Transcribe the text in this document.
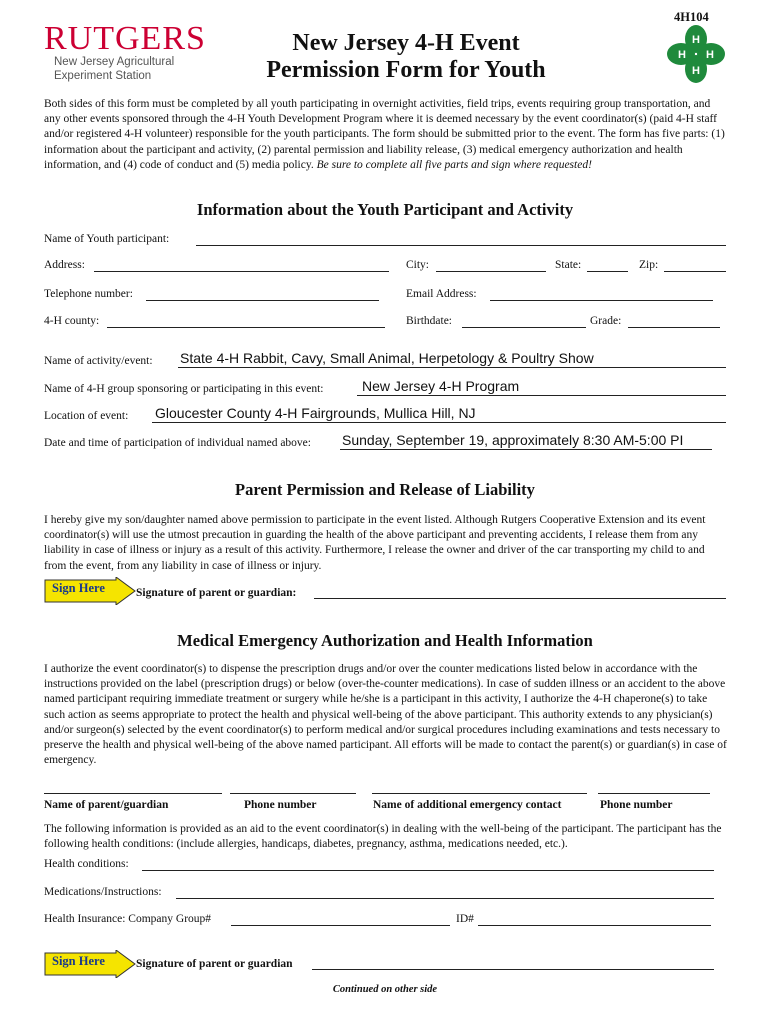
RUTGERS
New Jersey Agricultural
Experiment Station
4H104
H
H
H H
New Jersey 4-H Event
Permission Form for Youth
Both sides of this form must be completed by all youth participating in overnight activities, field trips, events requiring group transportation, and any other events sponsored through the 4-H Youth Development Program where it is deemed necessary by the event coordinator(s) (paid 4-H staff and/or registered 4-H volunteer) responsible for the youth participants. The form should be submitted prior to the event. The form has five parts: (1) information about the participant and activity, (2) parental permission and liability release, (3) medical emergency authorization and health information, and (4) code of conduct and (5) media policy. Be sure to complete all five parts and sign where requested!
Information about the Youth Participant and Activity
Name of Youth participant:
Address:	City:	State:	Zip:
Telephone number:	Email Address:
4-H county:	Birthdate:	Grade:
Name of activity/event: State 4-H Rabbit, Cavy, Small Animal, Herpetology & Poultry Show
Name of 4-H group sponsoring or participating in this event:	New Jersey 4-H Program
Location of event: Gloucester County 4-H Fairgrounds, Mullica Hill, NJ
Date and time of participation of individual named above: Sunday, September 19, approximately 8:30 AM-5:00 PI
Parent Permission and Release of Liability
I hereby give my son/daughter named above permission to participate in the event listed. Although Rutgers Cooperative Extension and its event coordinator(s) will use the utmost precaution in guarding the health of the above participant and preventing accidents, I release them from any liability in case of illness or injury as a result of this activity. Furthermore, I release the owner and driver of the car transporting my child to and from the event, from any liability in case of illness or injury.
Sign Here	Signature of parent or guardian:
Medical Emergency Authorization and Health Information
I authorize the event coordinator(s) to dispense the prescription drugs and/or over the counter medications listed below in accordance with the instructions provided on the label (prescription drugs) or below (over-the-counter medications). In case of sudden illness or an accident to the above named participant requiring immediate treatment or surgery while he/she is a participant in this activity, I authorize the 4-H chaperone(s) to take such action as seems appropriate to protect the health and physical well-being of the above participant. This authority extends to any physician(s) and/or surgeon(s) selected by the event coordinator(s) to perform medical and/or surgical procedures including examinations and tests necessary to preserve the health and physical well-being of the above named participant. All efforts will be made to contact the parent(s) or guardian(s) in case of emergency.
Name of parent/guardian	Phone number	Name of additional emergency contact	Phone number
The following information is provided as an aid to the event coordinator(s) in dealing with the well-being of the participant. The participant has the following health conditions: (include allergies, handicaps, diabetes, pregnancy, asthma, medications needed, etc.).
Health conditions:
Medications/Instructions:
Health Insurance: Company Group#	ID#
Sign Here	Signature of parent or guardian
Continued on other side
